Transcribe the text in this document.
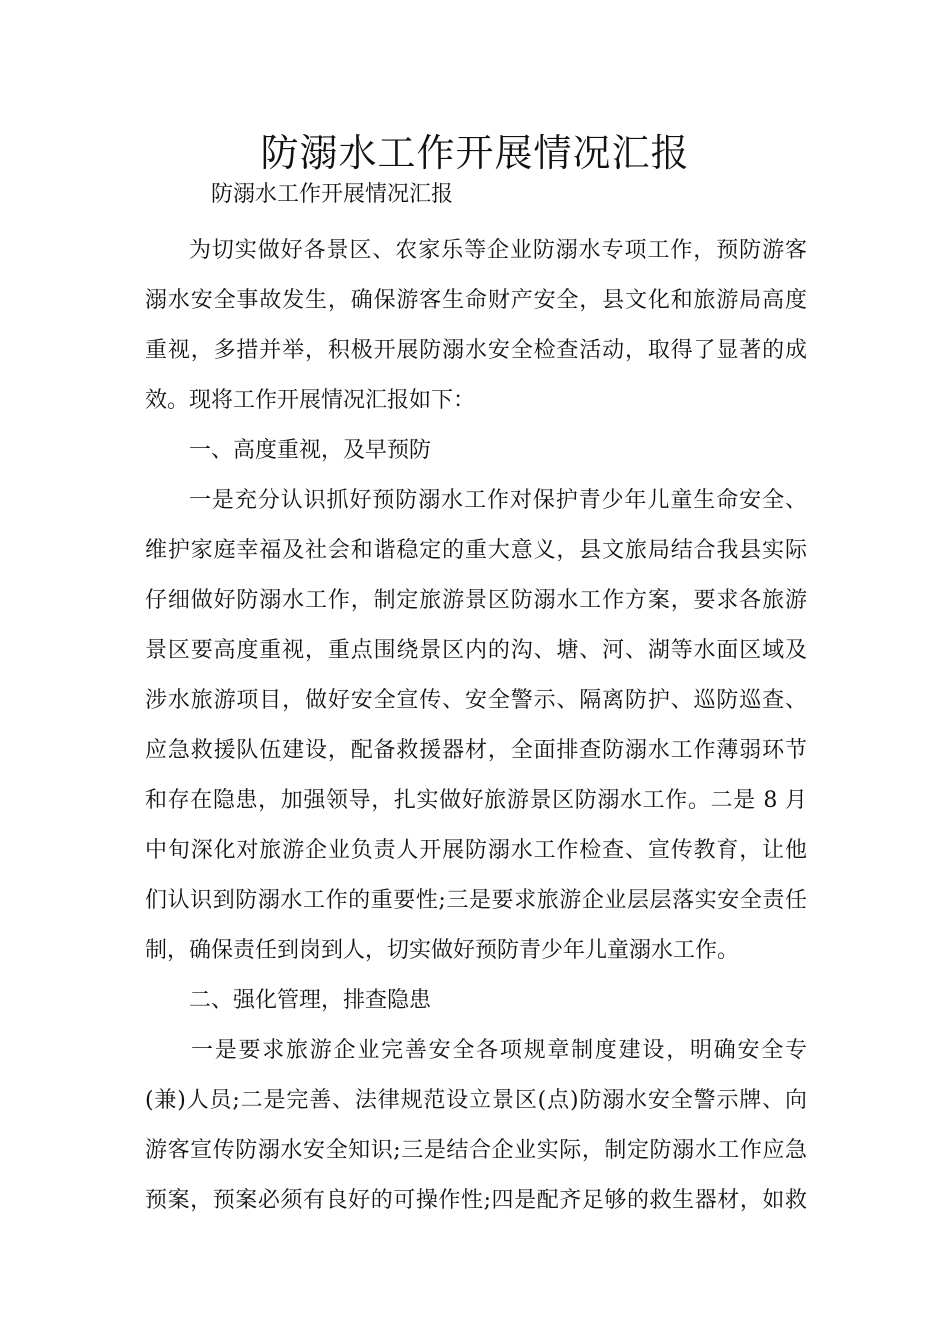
防溺水工作开展情况汇报
防溺水工作开展情况汇报
为切实做好各景区、农家乐等企业防溺水专项工作，预防游客
溺水安全事故发生，确保游客生命财产安全，县文化和旅游局高度
重视，多措并举，积极开展防溺水安全检查活动，取得了显著的成
效。现将工作开展情况汇报如下：
一、高度重视，及早预防
一是充分认识抓好预防溺水工作对保护青少年儿童生命安全、
维护家庭幸福及社会和谐稳定的重大意义，县文旅局结合我县实际
仔细做好防溺水工作，制定旅游景区防溺水工作方案，要求各旅游
景区要高度重视，重点围绕景区内的沟、塘、河、湖等水面区域及
涉水旅游项目，做好安全宣传、安全警示、隔离防护、巡防巡查、
应急救援队伍建设，配备救援器材，全面排查防溺水工作薄弱环节
和存在隐患，加强领导，扎实做好旅游景区防溺水工作。二是 8 月
中旬深化对旅游企业负责人开展防溺水工作检查、宣传教育，让他
们认识到防溺水工作的重要性;三是要求旅游企业层层落实安全责任
制，确保责任到岗到人，切实做好预防青少年儿童溺水工作。
二、强化管理，排查隐患
一是要求旅游企业完善安全各项规章制度建设，明确安全专
(兼)人员;二是完善、法律规范设立景区(点)防溺水安全警示牌、向
游客宣传防溺水安全知识;三是结合企业实际，制定防溺水工作应急
预案，预案必须有良好的可操作性;四是配齐足够的救生器材，如救
